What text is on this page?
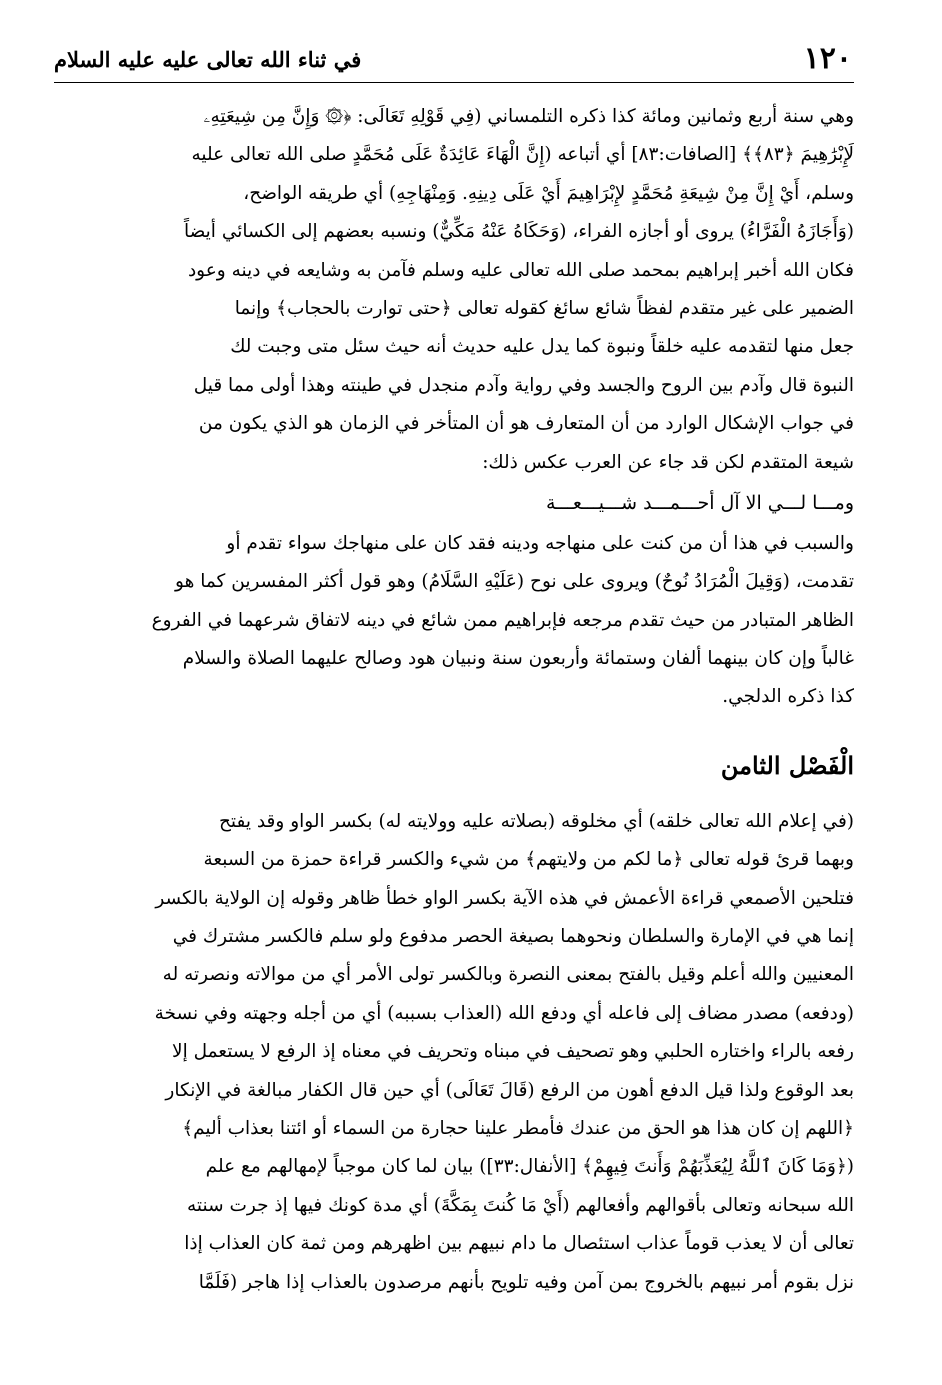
١٢٠
في ثناء الله تعالى عليه عليه السلام
وهي سنة أربع وثمانين ومائة كذا ذكره التلمساني (فِي قَوْلِهِ تَعَالَى: ﴿۞ وَإِنَّ مِن شِيعَتِهِۦ
لَإِبْرَٰهِيمَ ﴿٨٣﴾﴾ [الصافات:٨٣] أي أتباعه (إِنَّ الْهَاءَ عَائِدَةٌ عَلَى مُحَمَّدٍ صلى الله تعالى عليه
وسلم، أَيْ إِنَّ مِنْ شِيعَةِ مُحَمَّدٍ لإِبْرَاهِيمَ أَيْ عَلَى دِينِهِ. وَمِنْهَاجِهِ) أي طريقه الواضح،
(وَأَجَازَهُ الْفَرَّاءُ) يروى أو أجازه الفراء، (وَحَكَاهُ عَنْهُ مَكِّيٌّ) ونسبه بعضهم إلى الكسائي أيضاً
فكان الله أخبر إبراهيم بمحمد صلى الله تعالى عليه وسلم فآمن به وشايعه في دينه وعود
الضمير على غير متقدم لفظاً شائع سائغ كقوله تعالى ﴿حتى توارت بالحجاب﴾ وإنما
جعل منها لتقدمه عليه خلقاً ونبوة كما يدل عليه حديث أنه حيث سئل متى وجبت لك
النبوة قال وآدم بين الروح والجسد وفي رواية وآدم منجدل في طينته وهذا أولى مما قيل
في جواب الإشكال الوارد من أن المتعارف هو أن المتأخر في الزمان هو الذي يكون من
شيعة المتقدم لكن قد جاء عن العرب عكس ذلك:
ومـــا لـــي الا آل أحـــمـــد شـــيـــعـــة
والسبب في هذا أن من كنت على منهاجه ودينه فقد كان على منهاجك سواء تقدم أو
تقدمت، (وَقِيلَ الْمُرَادُ نُوحٌ) ويروى على نوح (عَلَيْهِ السَّلَامُ) وهو قول أكثر المفسرين كما هو
الظاهر المتبادر من حيث تقدم مرجعه فإبراهيم ممن شائع في دينه لاتفاق شرعهما في الفروع
غالباً وإن كان بينهما ألفان وستمائة وأربعون سنة ونبيان هود وصالح عليهما الصلاة والسلام
كذا ذكره الدلجي.
الْفَصْل الثامن
(في إعلام الله تعالى خلقه) أي مخلوقه (بصلاته عليه وولايته له) بكسر الواو وقد يفتح
وبهما قرئ قوله تعالى ﴿ما لكم من ولايتهم﴾ من شيء والكسر قراءة حمزة من السبعة
فتلحين الأصمعي قراءة الأعمش في هذه الآية بكسر الواو خطأ ظاهر وقوله إن الولاية بالكسر
إنما هي في الإمارة والسلطان ونحوهما بصيغة الحصر مدفوع ولو سلم فالكسر مشترك في
المعنيين والله أعلم وقيل بالفتح بمعنى النصرة وبالكسر تولى الأمر أي من موالاته ونصرته له
(ودفعه) مصدر مضاف إلى فاعله أي ودفع الله (العذاب بسببه) أي من أجله وجهته وفي نسخة
رفعه بالراء واختاره الحلبي وهو تصحيف في مبناه وتحريف في معناه إذ الرفع لا يستعمل إلا
بعد الوقوع ولذا قيل الدفع أهون من الرفع (قَالَ تَعَالَى) أي حين قال الكفار مبالغة في الإنكار
﴿اللهم إن كان هذا هو الحق من عندك فأمطر علينا حجارة من السماء أو ائتنا بعذاب أليم﴾
(﴿وَمَا كَانَ ٱللَّهُ لِيُعَذِّبَهُمْ وَأَنتَ فِيهِمْ﴾ [الأنفال:٣٣]) بيان لما كان موجباً لإمهالهم مع علم
الله سبحانه وتعالى بأقوالهم وأفعالهم (أَيْ مَا كُنتَ بِمَكَّةَ) أي مدة كونك فيها إذ جرت سنته
تعالى أن لا يعذب قوماً عذاب استئصال ما دام نبيهم بين اظهرهم ومن ثمة كان العذاب إذا
نزل بقوم أمر نبيهم بالخروج بمن آمن وفيه تلويح بأنهم مرصدون بالعذاب إذا هاجر (فَلَمَّا
